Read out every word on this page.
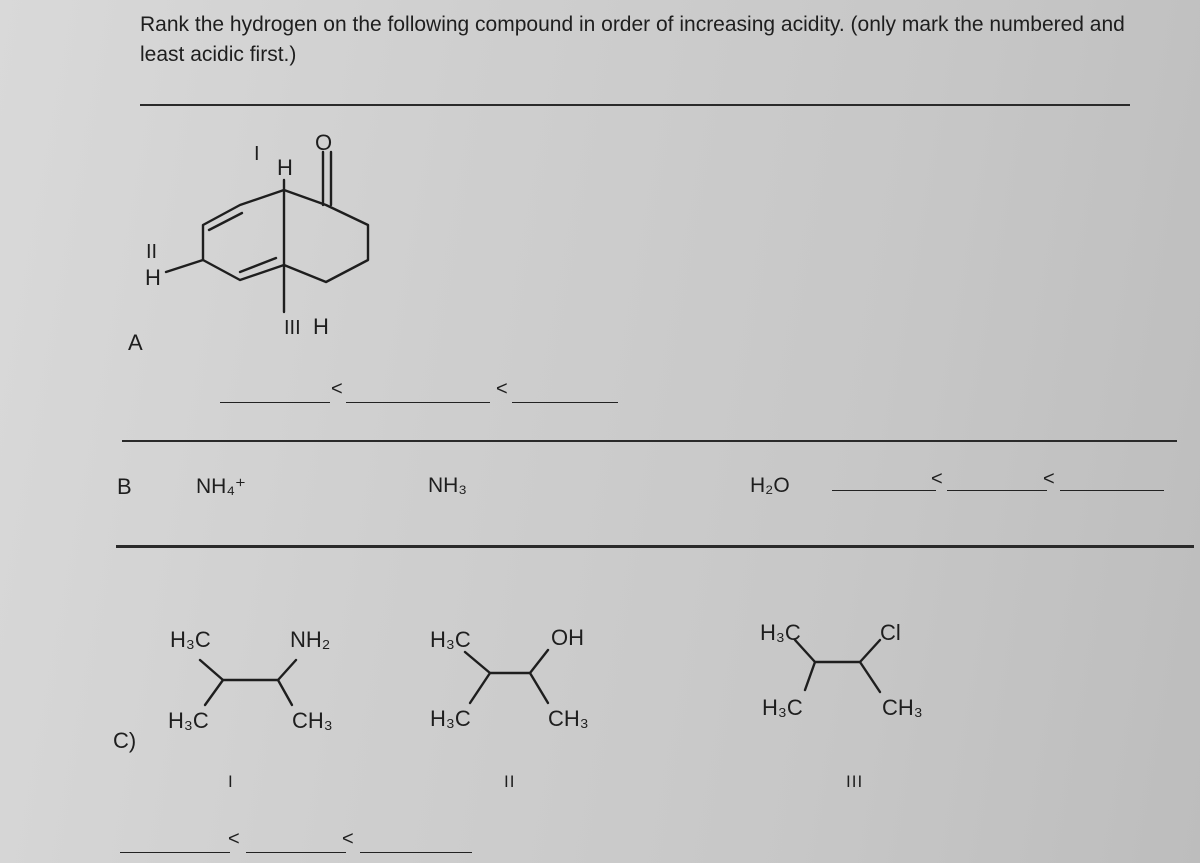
Rank the hydrogen on the following compound in order of increasing acidity. (only mark the numbered and least acidic first.)
A
O
I
H
II
H
III H
<	<
B	NH₄⁺	NH₃	H₂O	<	<
C)
H₃C	NH₂
H₃C	CH₃
H₃C	OH
H₃C	CH₃
H₃C	Cl
H₃C	CH₃
I	II	III
<	<
